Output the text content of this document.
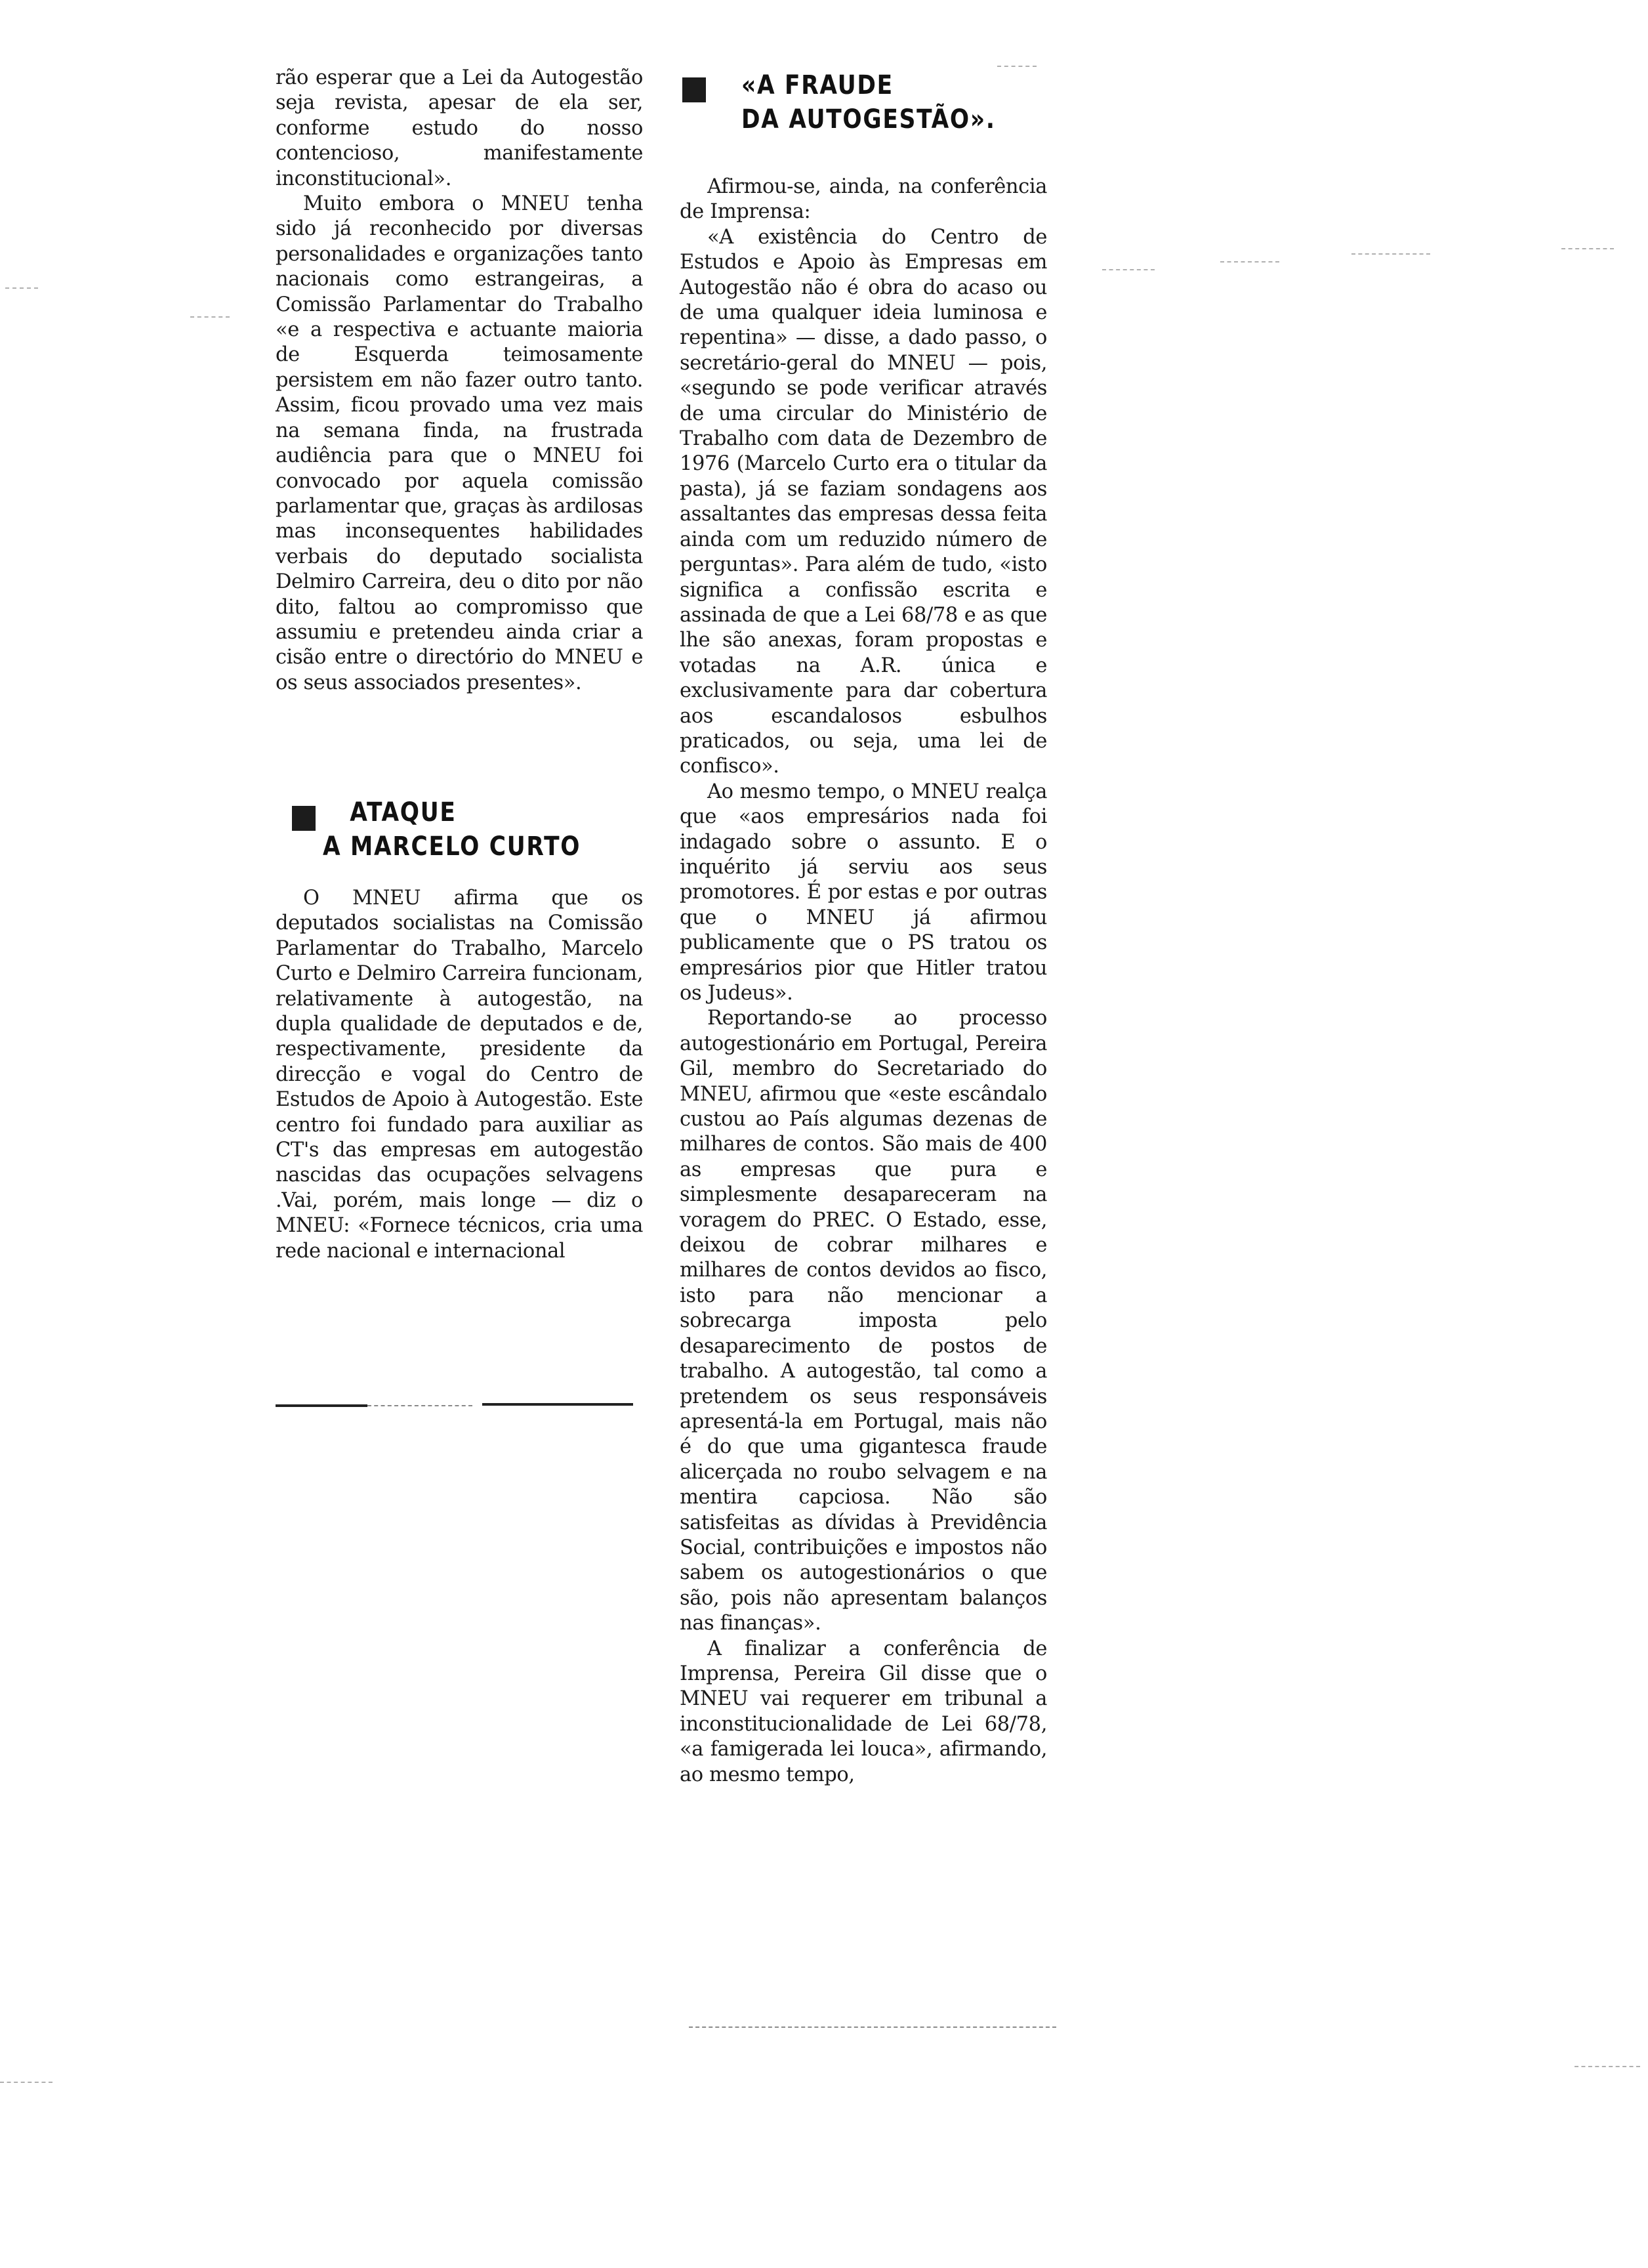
rão esperar que a Lei da Autogestão seja revista, apesar de ela ser, conforme estudo do nosso contencioso, manifestamente inconstitucional».

Muito embora o MNEU tenha sido já reconhecido por diversas personalidades e organizações tanto nacionais como estrangeiras, a Comissão Parlamentar do Trabalho «e a respectiva e actuante maioria de Esquerda teimosamente persistem em não fazer outro tanto. Assim, ficou provado uma vez mais na semana finda, na frustrada audiência para que o MNEU foi convocado por aquela comissão parlamentar que, graças às ardilosas mas inconsequentes habilidades verbais do deputado socialista Delmiro Carreira, deu o dito por não dito, faltou ao compromisso que assumiu e pretendeu ainda criar a cisão entre o directório do MNEU e os seus associados presentes».

ATAQUE
A MARCELO CURTO

O MNEU afirma que os deputados socialistas na Comissão Parlamentar do Trabalho, Marcelo Curto e Delmiro Carreira funcionam, relativamente à autogestão, na dupla qualidade de deputados e de, respectivamente, presidente da direcção e vogal do Centro de Estudos de Apoio à Autogestão. Este centro foi fundado para auxiliar as CT's das empresas em autogestão nascidas das ocupações selvagens .Vai, porém, mais longe — diz o MNEU: «Fornece técnicos, cria uma rede nacional e internacional

«A FRAUDE
DA AUTOGESTÃO».

Afirmou-se, ainda, na conferência de Imprensa:

«A existência do Centro de Estudos e Apoio às Empresas em Autogestão não é obra do acaso ou de uma qualquer ideia luminosa e repentina» — disse, a dado passo, o secretário-geral do MNEU — pois, «segundo se pode verificar através de uma circular do Ministério de Trabalho com data de Dezembro de 1976 (Marcelo Curto era o titular da pasta), já se faziam sondagens aos assaltantes das empresas dessa feita ainda com um reduzido número de perguntas». Para além de tudo, «isto significa a confissão escrita e assinada de que a Lei 68/78 e as que lhe são anexas, foram propostas e votadas na A.R. única e exclusivamente para dar cobertura aos escandalosos esbulhos praticados, ou seja, uma lei de confisco».

Ao mesmo tempo, o MNEU realça que «aos empresários nada foi indagado sobre o assunto. E o inquérito já serviu aos seus promotores. É por estas e por outras que o MNEU já afirmou publicamente que o PS tratou os empresários pior que Hitler tratou os Judeus».

Reportando-se ao processo autogestionário em Portugal, Pereira Gil, membro do Secretariado do MNEU, afirmou que «este escândalo custou ao País algumas dezenas de milhares de contos. São mais de 400 as empresas que pura e simplesmente desapareceram na voragem do PREC. O Estado, esse, deixou de cobrar milhares e milhares de contos devidos ao fisco, isto para não mencionar a sobrecarga imposta pelo desaparecimento de postos de trabalho. A autogestão, tal como a pretendem os seus responsáveis apresentá-la em Portugal, mais não é do que uma gigantesca fraude alicerçada no roubo selvagem e na mentira capciosa. Não são satisfeitas as dívidas à Previdência Social, contribuições e impostos não sabem os autogestionários o que são, pois não apresentam balanços nas finanças».

A finalizar a conferência de Imprensa, Pereira Gil disse que o MNEU vai requerer em tribunal a inconstitucionalidade de Lei 68/78, «a famigerada lei louca», afirmando, ao mesmo tempo,
